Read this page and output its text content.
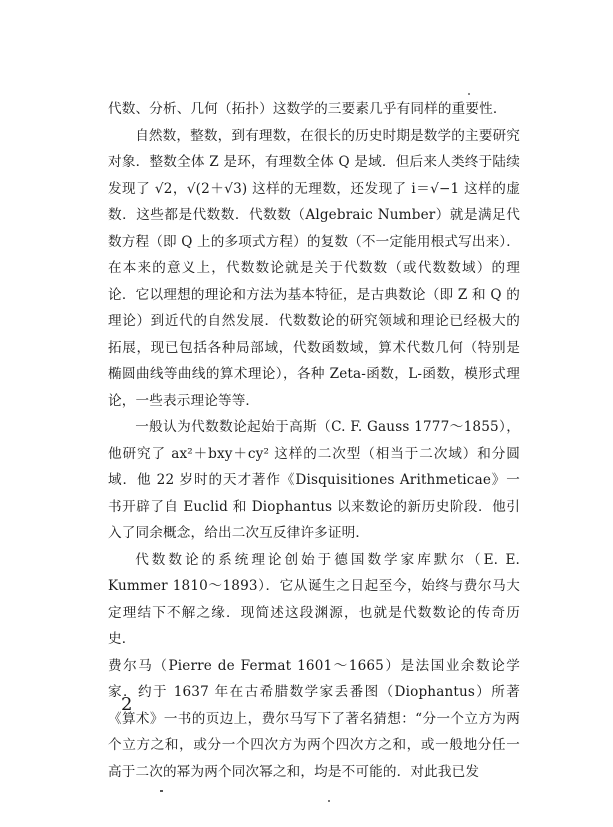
代数、分析、几何（拓扑）这数学的三要素几乎有同样的重要性．

自然数，整数，到有理数，在很长的历史时期是数学的主要研究对象．整数全体 Z 是环，有理数全体 Q 是域．但后来人类终于陆续发现了 √2，√(2＋√3) 这样的无理数，还发现了 i＝√−1 这样的虚数．这些都是代数数．代数数（Algebraic Number）就是满足代数方程（即 Q 上的多项式方程）的复数（不一定能用根式写出来）．在本来的意义上，代数数论就是关于代数数（或代数数域）的理论．它以理想的理论和方法为基本特征，是古典数论（即 Z 和 Q 的理论）到近代的自然发展．代数数论的研究领域和理论已经极大的拓展，现已包括各种局部域，代数函数域，算术代数几何（特别是椭圆曲线等曲线的算术理论），各种 Zeta-函数，L-函数，模形式理论，一些表示理论等等．

一般认为代数数论起始于高斯（C. F. Gauss 1777～1855），他研究了 ax²＋bxy＋cy² 这样的二次型（相当于二次域）和分圆域．他 22 岁时的天才著作《Disquisitiones Arithmeticae》一书开辟了自 Euclid 和 Diophantus 以来数论的新历史阶段．他引入了同余概念，给出二次互反律许多证明．

代数数论的系统理论创始于德国数学家库默尔（E. E. Kummer 1810～1893）．它从诞生之日起至今，始终与费尔马大定理结下不解之缘．现简述这段渊源，也就是代数数论的传奇历史．

费尔马（Pierre de Fermat 1601～1665）是法国业余数论学家．约于 1637 年在古希腊数学家丢番图（Diophantus）所著《算术》一书的页边上，费尔马写下了著名猜想：“分一个立方为两个立方之和，或分一个四次方为两个四次方之和，或一般地分任一高于二次的幂为两个同次幂之和，均是不可能的．对此我已发

2
